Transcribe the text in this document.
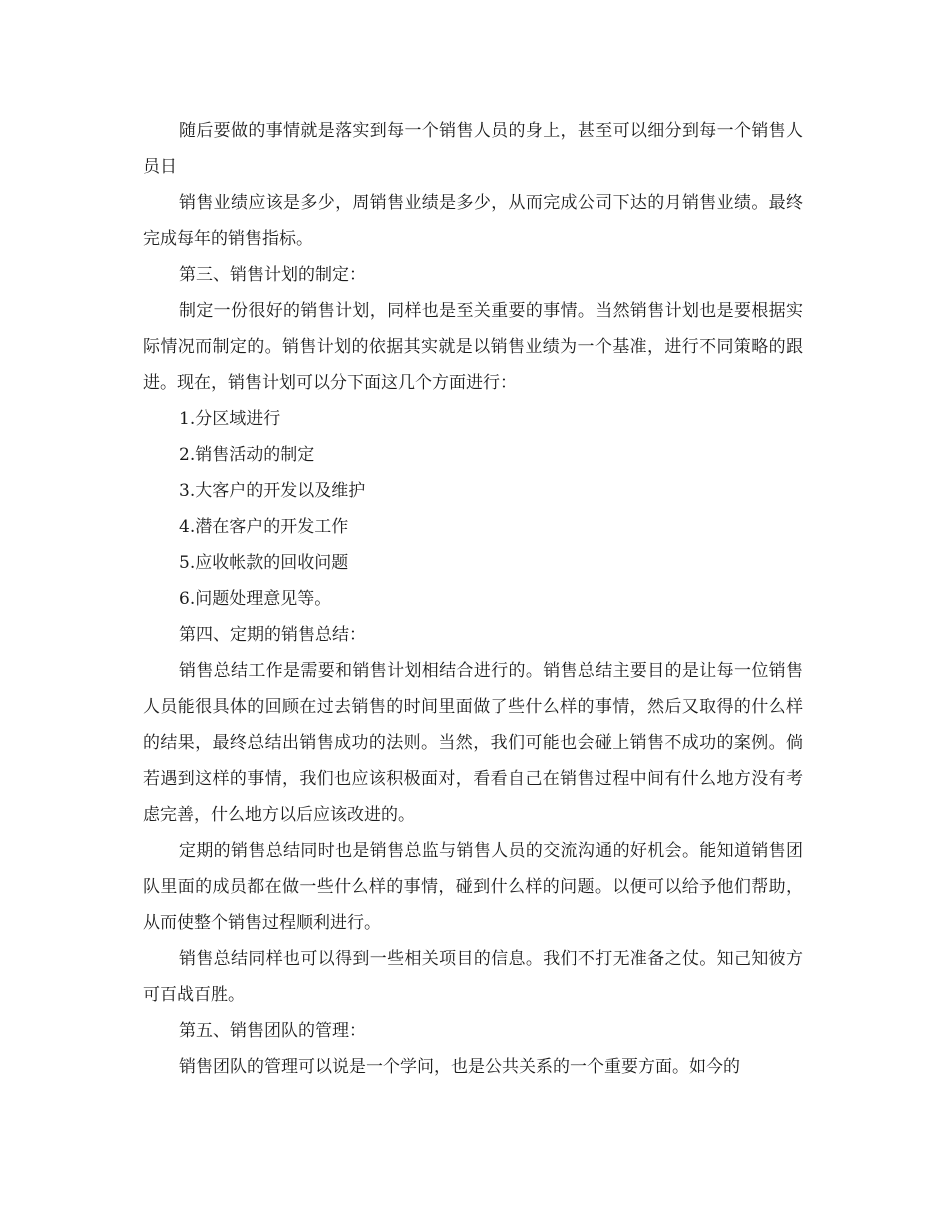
随后要做的事情就是落实到每一个销售人员的身上，甚至可以细分到每一个销售人员日

销售业绩应该是多少，周销售业绩是多少，从而完成公司下达的月销售业绩。最终完成每年的销售指标。

第三、销售计划的制定：

制定一份很好的销售计划，同样也是至关重要的事情。当然销售计划也是要根据实际情况而制定的。销售计划的依据其实就是以销售业绩为一个基准，进行不同策略的跟进。现在，销售计划可以分下面这几个方面进行：

1.分区域进行

2.销售活动的制定

3.大客户的开发以及维护

4.潜在客户的开发工作

5.应收帐款的回收问题

6.问题处理意见等。

第四、定期的销售总结：

销售总结工作是需要和销售计划相结合进行的。销售总结主要目的是让每一位销售人员能很具体的回顾在过去销售的时间里面做了些什么样的事情，然后又取得的什么样的结果，最终总结出销售成功的法则。当然，我们可能也会碰上销售不成功的案例。倘若遇到这样的事情，我们也应该积极面对，看看自己在销售过程中间有什么地方没有考虑完善，什么地方以后应该改进的。

定期的销售总结同时也是销售总监与销售人员的交流沟通的好机会。能知道销售团队里面的成员都在做一些什么样的事情，碰到什么样的问题。以便可以给予他们帮助，从而使整个销售过程顺利进行。

销售总结同样也可以得到一些相关项目的信息。我们不打无准备之仗。知己知彼方可百战百胜。

第五、销售团队的管理：

销售团队的管理可以说是一个学问，也是公共关系的一个重要方面。如今的
